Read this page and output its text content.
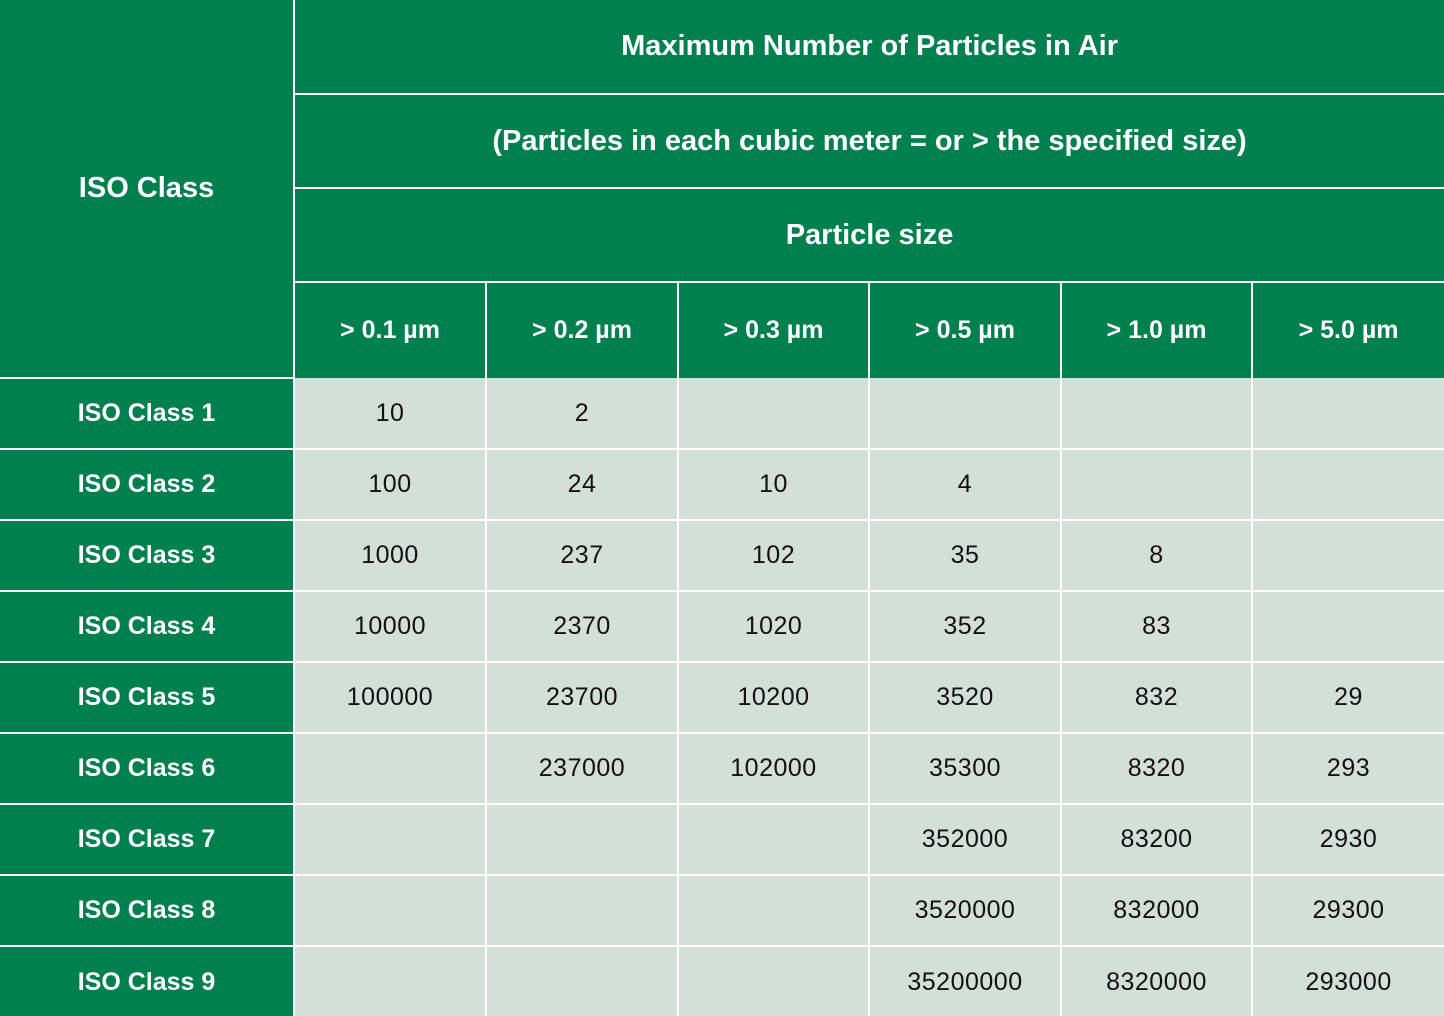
ISO Class	Maximum Number of Particles in Air					
	(Particles in each cubic meter = or > the specified size)					
	Particle size					
	> 0.1 µm	> 0.2 µm	> 0.3 µm	> 0.5 µm	> 1.0 µm	> 5.0 µm
ISO Class 1	10	2				
ISO Class 2	100	24	10	4		
ISO Class 3	1000	237	102	35	8	
ISO Class 4	10000	2370	1020	352	83	
ISO Class 5	100000	23700	10200	3520	832	29
ISO Class 6		237000	102000	35300	8320	293
ISO Class 7				352000	83200	2930
ISO Class 8				3520000	832000	29300
ISO Class 9				35200000	8320000	293000
